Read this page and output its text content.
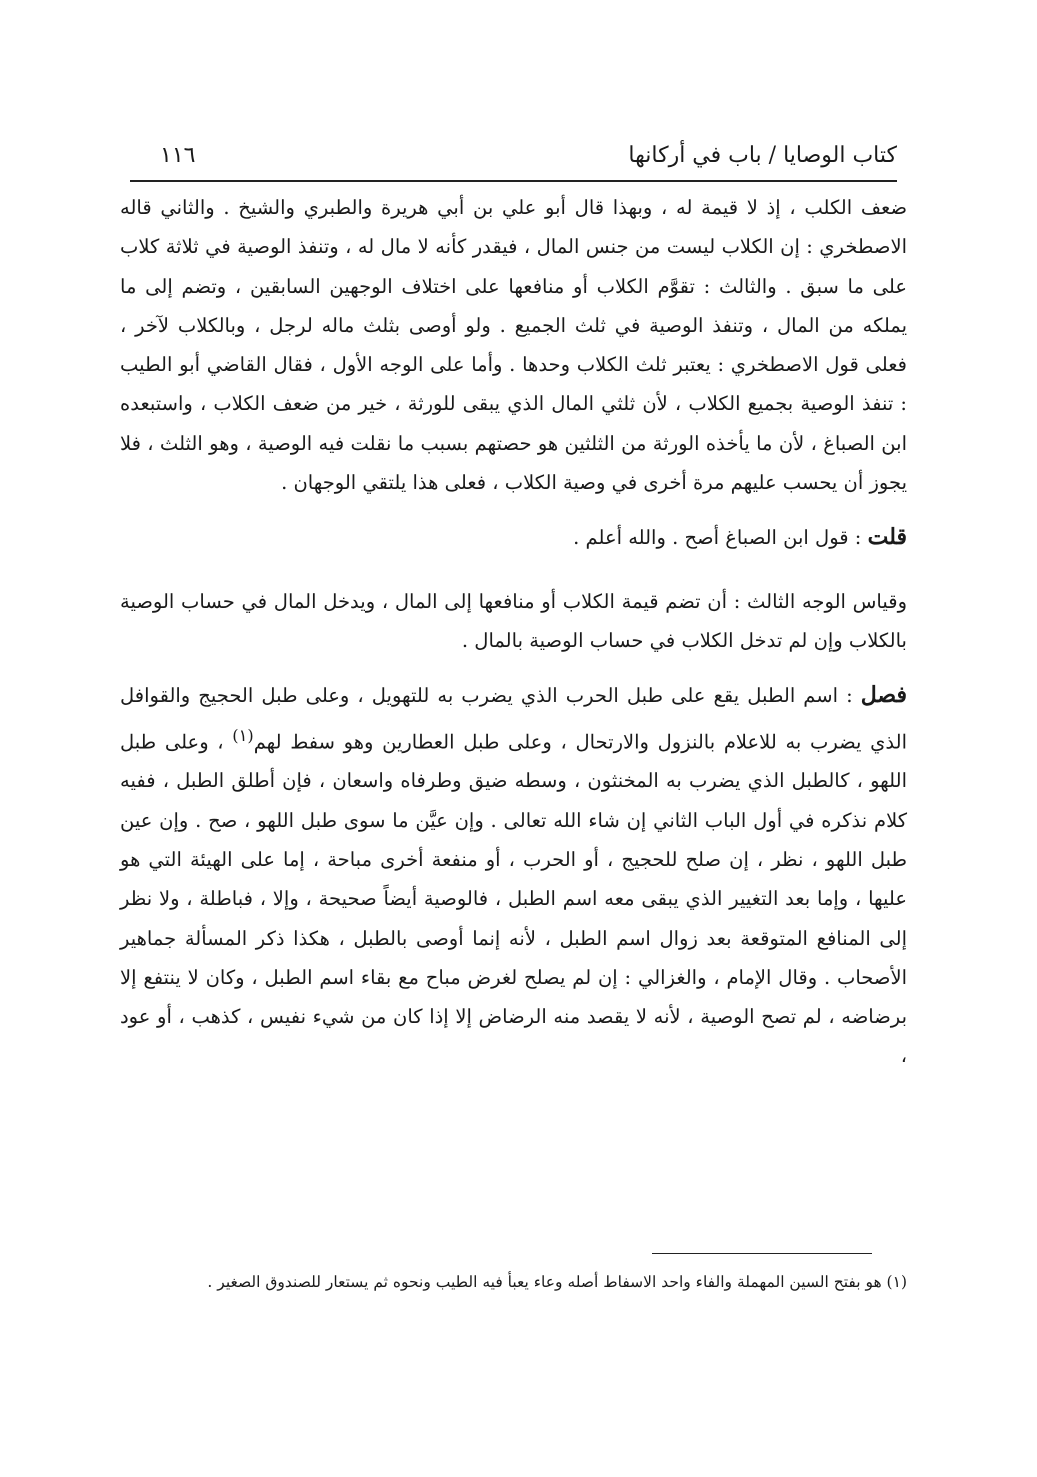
كتاب الوصايا / باب في أركانها
١١٦

ضعف الكلب ، إذ لا قيمة له ، وبهذا قال أبو علي بن أبي هريرة والطبري والشيخ . والثاني قاله الاصطخري : إن الكلاب ليست من جنس المال ، فيقدر كأنه لا مال له ، وتنفذ الوصية في ثلاثة كلاب على ما سبق . والثالث : تقوَّم الكلاب أو منافعها على اختلاف الوجهين السابقين ، وتضم إلى ما يملكه من المال ، وتنفذ الوصية في ثلث الجميع . ولو أوصى بثلث ماله لرجل ، وبالكلاب لآخر ، فعلى قول الاصطخري : يعتبر ثلث الكلاب وحدها . وأما على الوجه الأول ، فقال القاضي أبو الطيب : تنفذ الوصية بجميع الكلاب ، لأن ثلثي المال الذي يبقى للورثة ، خير من ضعف الكلاب ، واستبعده ابن الصباغ ، لأن ما يأخذه الورثة من الثلثين هو حصتهم بسبب ما نقلت فيه الوصية ، وهو الثلث ، فلا يجوز أن يحسب عليهم مرة أخرى في وصية الكلاب ، فعلى هذا يلتقي الوجهان .

قلت : قول ابن الصباغ أصح . والله أعلم .

وقياس الوجه الثالث : أن تضم قيمة الكلاب أو منافعها إلى المال ، ويدخل المال في حساب الوصية بالكلاب وإن لم تدخل الكلاب في حساب الوصية بالمال .

فصل : اسم الطبل يقع على طبل الحرب الذي يضرب به للتهويل ، وعلى طبل الحجيج والقوافل الذي يضرب به للاعلام بالنزول والارتحال ، وعلى طبل العطارين وهو سفط لهم$^{(١)}$ ، وعلى طبل اللهو ، كالطبل الذي يضرب به المخنثون ، وسطه ضيق وطرفاه واسعان ، فإن أطلق الطبل ، ففيه كلام نذكره في أول الباب الثاني إن شاء الله تعالى . وإن عيَّن ما سوى طبل اللهو ، صح . وإن عين طبل اللهو ، نظر ، إن صلح للحجيج ، أو الحرب ، أو منفعة أخرى مباحة ، إما على الهيئة التي هو عليها ، وإما بعد التغيير الذي يبقى معه اسم الطبل ، فالوصية أيضاً صحيحة ، وإلا ، فباطلة ، ولا نظر إلى المنافع المتوقعة بعد زوال اسم الطبل ، لأنه إنما أوصى بالطبل ، هكذا ذكر المسألة جماهير الأصحاب . وقال الإمام ، والغزالي : إن لم يصلح لغرض مباح مع بقاء اسم الطبل ، وكان لا ينتفع إلا برضاضه ، لم تصح الوصية ، لأنه لا يقصد منه الرضاض إلا إذا كان من شيء نفيس ، كذهب ، أو عود ،

(١) هو بفتح السين المهملة والفاء واحد الاسفاط أصله وعاء يعبأ فيه الطيب ونحوه ثم يستعار للصندوق الصغير .
